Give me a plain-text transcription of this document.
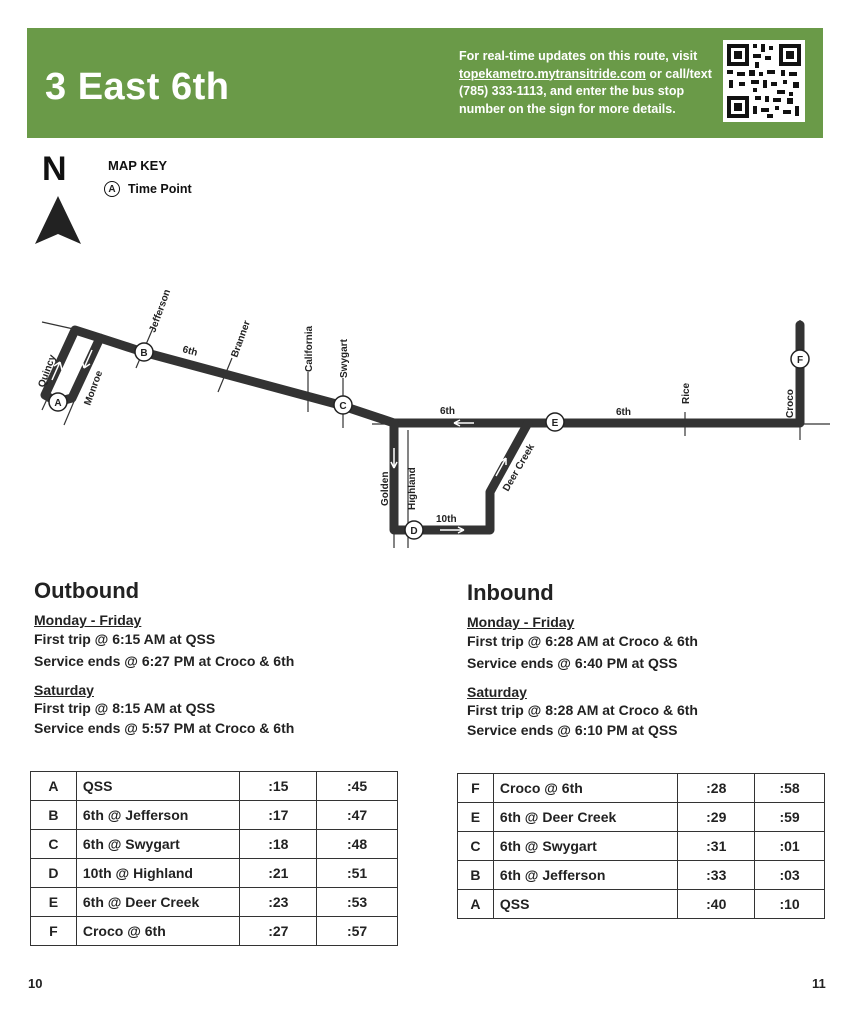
3 East 6th
For real-time updates on this route, visit topekametro.mytransitride.com or call/text (785) 333-1113, and enter the bus stop number on the sign for more details.
N	MAP KEY
A Time Point
A
B
C
D
E
F
Quincy Monroe
Jefferson
6th	Branner	California Swygart
6th	6th
Rice	Croco
Golden Highland	Deer Creek
10th
Outbound
Monday - Friday
First trip @ 6:15 AM at QSS
Service ends @ 6:27 PM at Croco & 6th
Saturday
First trip @ 8:15 AM at QSS
Service ends @ 5:57 PM at Croco & 6th
Inbound
Monday - Friday
First trip @ 6:28 AM at Croco & 6th
Service ends @ 6:40 PM at QSS
Saturday
First trip @ 8:28 AM at Croco & 6th
Service ends @ 6:10 PM at QSS
A	QSS	:15	:45
B	6th @ Jefferson	:17	:47
C	6th @ Swygart	:18	:48
D	10th @ Highland	:21	:51
E	6th @ Deer Creek	:23	:53
F	Croco @ 6th	:27	:57
F	Croco @ 6th	:28	:58
E	6th @ Deer Creek	:29	:59
C	6th @ Swygart	:31	:01
B	6th @ Jefferson	:33	:03
A	QSS	:40	:10
10	11
